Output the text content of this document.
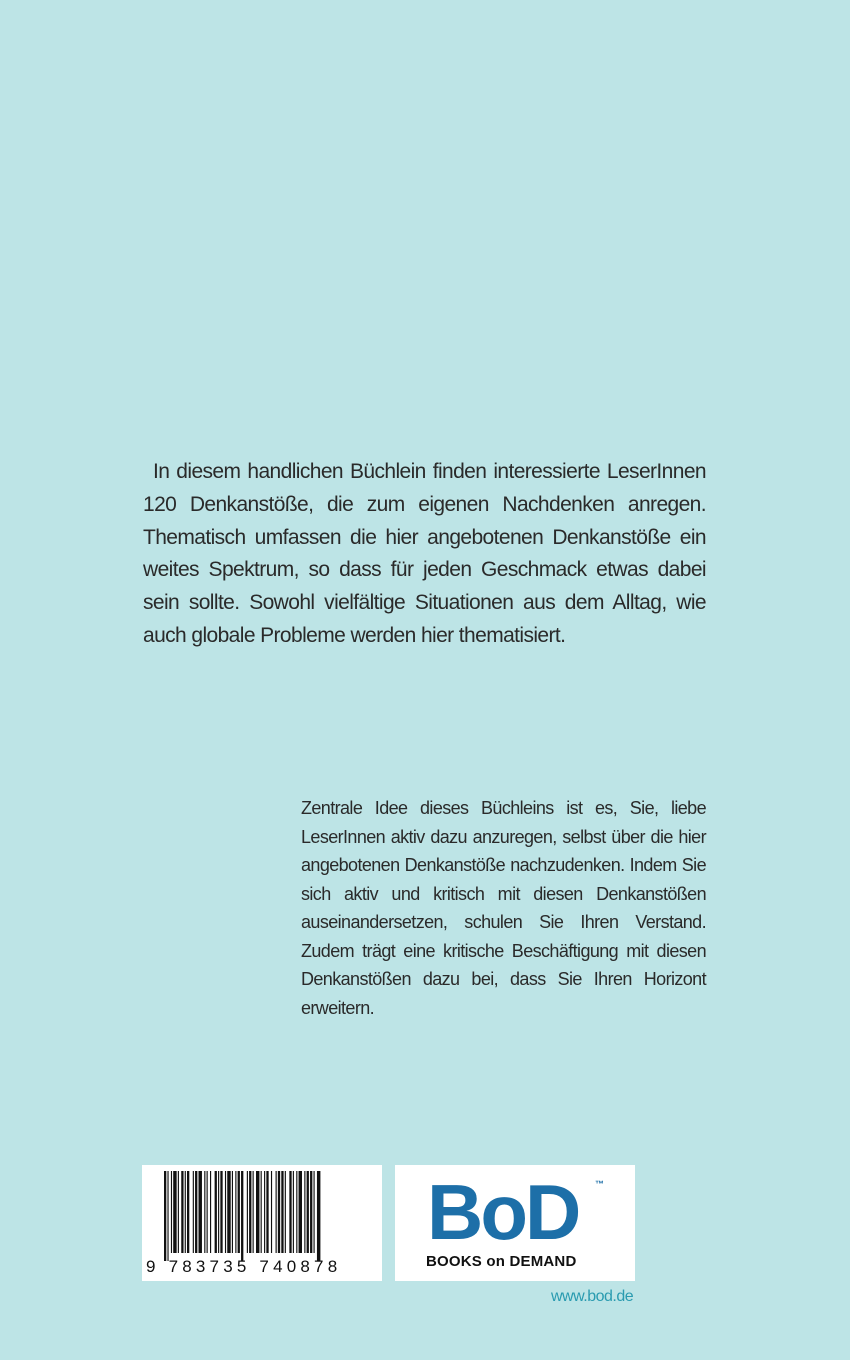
In diesem handlichen Büchlein finden interessierte LeserInnen 120 Denkanstöße, die zum eigenen Nachdenken anregen. Thematisch umfassen die hier angebotenen Denkanstöße ein weites Spektrum, so dass für jeden Geschmack etwas dabei sein sollte. Sowohl vielfältige Situationen aus dem Alltag, wie auch globale Probleme werden hier thematisiert.

Zentrale Idee dieses Büchleins ist es, Sie, liebe LeserInnen aktiv dazu anzuregen, selbst über die hier angebotenen Denkanstöße nachzudenken. Indem Sie sich aktiv und kritisch mit diesen Denkanstößen auseinandersetzen, schulen Sie Ihren Verstand. Zudem trägt eine kritische Beschäftigung mit diesen Denkanstößen dazu bei, dass Sie Ihren Horizont erweitern.

9 783735 740878
BoD ™
BOOKS on DEMAND
www.bod.de
